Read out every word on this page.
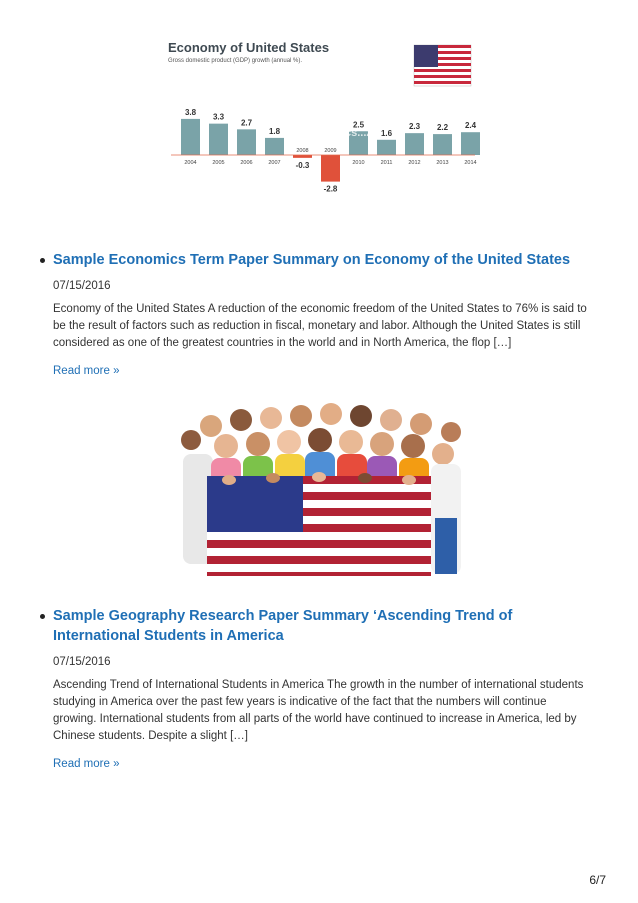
3.8
2004
3.3
2005
2.7
2006
1.8
2007 -0.3
2008
-2.8
2009
2.5
2010
1.6
2011
2.3
2012
2.2
2013
2.4
2014
cs...z
Economy of United States
Gross domestic product (GDP) growth (annual %).
Sample Economics Term Paper Summary on Economy of the United States
07/15/2016
Economy of the United States A reduction of the economic freedom of the United States to 76% is said to be the result of factors such as reduction in fiscal, monetary and labor. Although the United States is still considered as one of the greatest countries in the world and in North America, the flop […]
Read more »
Sample Geography Research Paper Summary ‘Ascending Trend of International Students in America
07/15/2016
Ascending Trend of International Students in America The growth in the number of international students studying in America over the past few years is indicative of the fact that the numbers will continue growing. International students from all parts of the world have continued to increase in America, led by Chinese students. Despite a slight […]
Read more »
6/7
